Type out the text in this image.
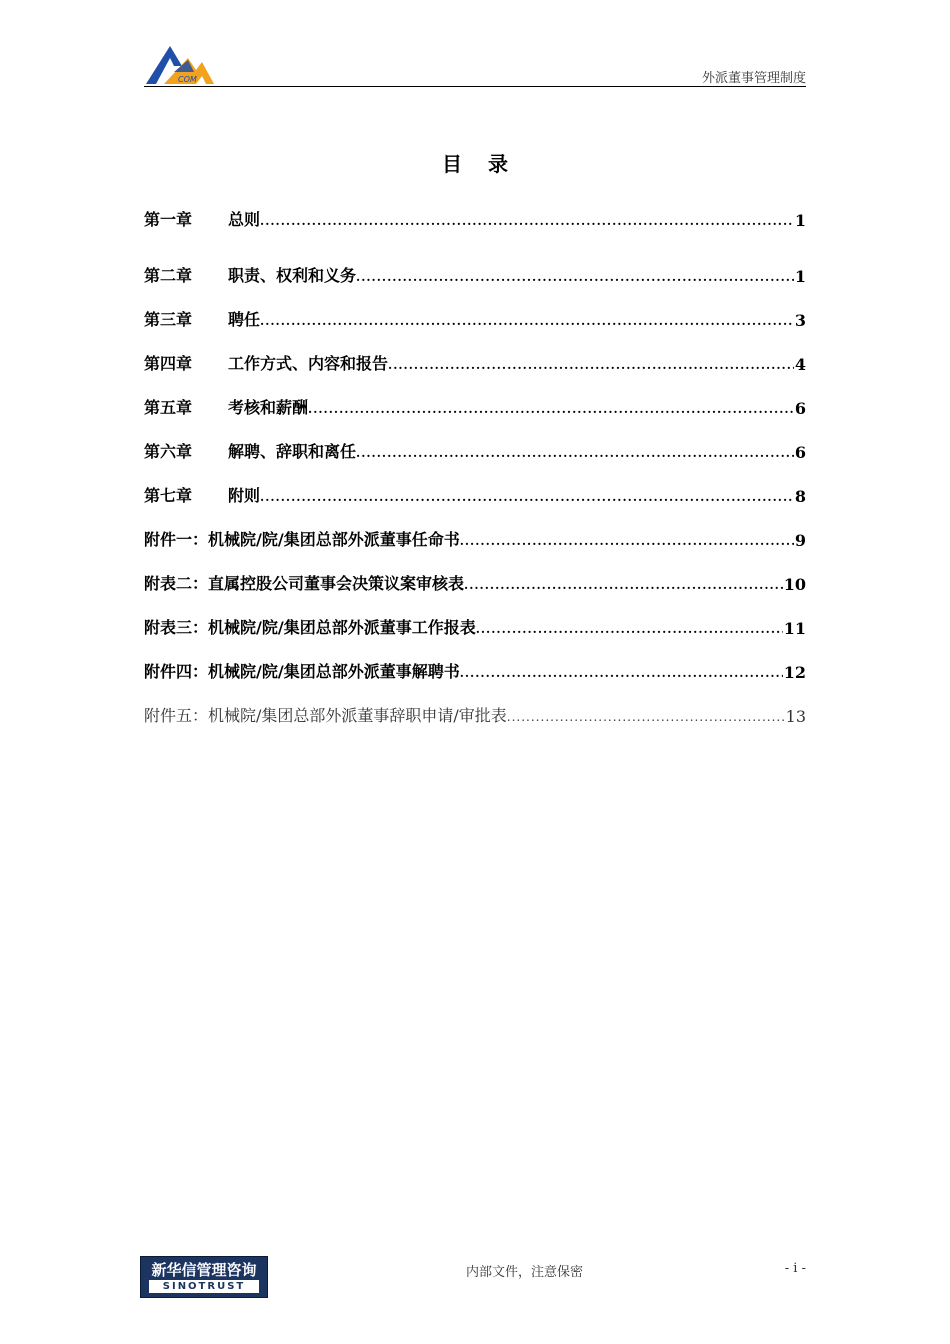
COM	外派董事管理制度
目录
第一章 总则 .....	1
第二章 职责、权利和义务 .....	1
第三章 聘任 .....	3
第四章 工作方式、内容和报告 .....	4
第五章 考核和薪酬 .....	6
第六章 解聘、辞职和离任 .....	6
第七章 附则 .....	8
附件一：机械院/院/集团总部外派董事任命书 .....	9
附表二：直属控股公司董事会决策议案审核表 .....	10
附表三：机械院/院/集团总部外派董事工作报表 .....	11
附件四：机械院/院/集团总部外派董事解聘书 .....	12
附件五：机械院/集团总部外派董事辞职申请/审批表 .....	13
新华信管理咨询
SINOTRUST
内部文件，注意保密	- i -
